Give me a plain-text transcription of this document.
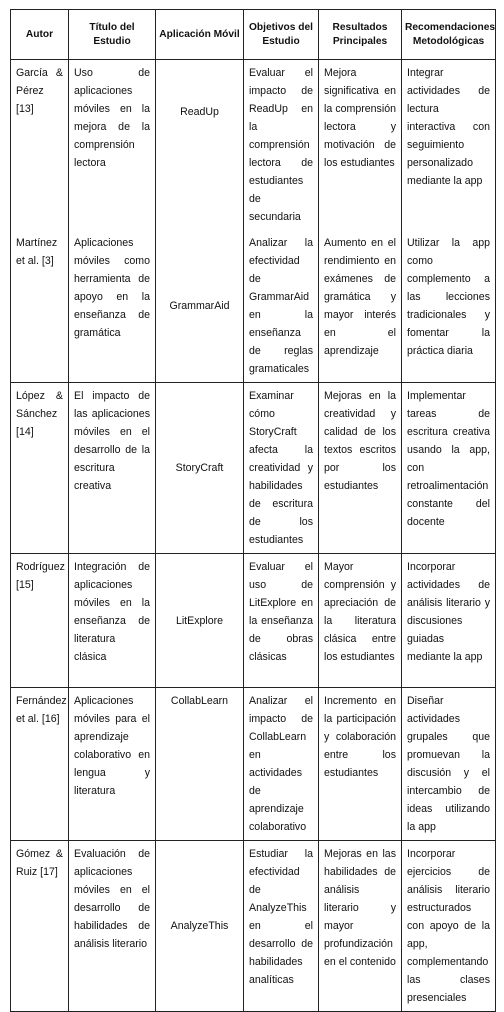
Autor	Título del Estudio	Aplicación Móvil	Objetivos del Estudio	Resultados Principales	Recomendaciones Metodológicas
García & Pérez [13]	Uso de aplicaciones móviles en la mejora de la comprensión lectora	ReadUp	Evaluar el impacto de ReadUp en la comprensión lectora de estudiantes de secundaria	Mejora significativa en la comprensión lectora y motivación de los estudiantes	Integrar actividades de lectura interactiva con seguimiento personalizado mediante la app
Martínez et al. [3]	Aplicaciones móviles como herramienta de apoyo en la enseñanza de gramática	GrammarAid	Analizar la efectividad de GrammarAid en la enseñanza de reglas gramaticales	Aumento en el rendimiento en exámenes de gramática y mayor interés en el aprendizaje	Utilizar la app como complemento a las lecciones tradicionales y fomentar la práctica diaria
López & Sánchez [14]	El impacto de las aplicaciones móviles en el desarrollo de la escritura creativa	StoryCraft	Examinar cómo StoryCraft afecta la creatividad y habilidades de escritura de los estudiantes	Mejoras en la creatividad y calidad de los textos escritos por los estudiantes	Implementar tareas de escritura creativa usando la app, con retroalimentación constante del docente
Rodríguez [15]	Integración de aplicaciones móviles en la enseñanza de literatura clásica	LitExplore	Evaluar el uso de LitExplore en la enseñanza de obras clásicas	Mayor comprensión y apreciación de la literatura clásica entre los estudiantes	Incorporar actividades de análisis literario y discusiones guiadas mediante la app
Fernández et al. [16]	Aplicaciones móviles para el aprendizaje colaborativo en lengua y literatura	CollabLearn	Analizar el impacto de CollabLearn en actividades de aprendizaje colaborativo	Incremento en la participación y colaboración entre los estudiantes	Diseñar actividades grupales que promuevan la discusión y el intercambio de ideas utilizando la app
Gómez & Ruiz [17]	Evaluación de aplicaciones móviles en el desarrollo de habilidades de análisis literario	AnalyzeThis	Estudiar la efectividad de AnalyzeThis en el desarrollo de habilidades analíticas	Mejoras en las habilidades de análisis literario y mayor profundización en el contenido	Incorporar ejercicios de análisis literario estructurados con apoyo de la app, complementando las clases presenciales
